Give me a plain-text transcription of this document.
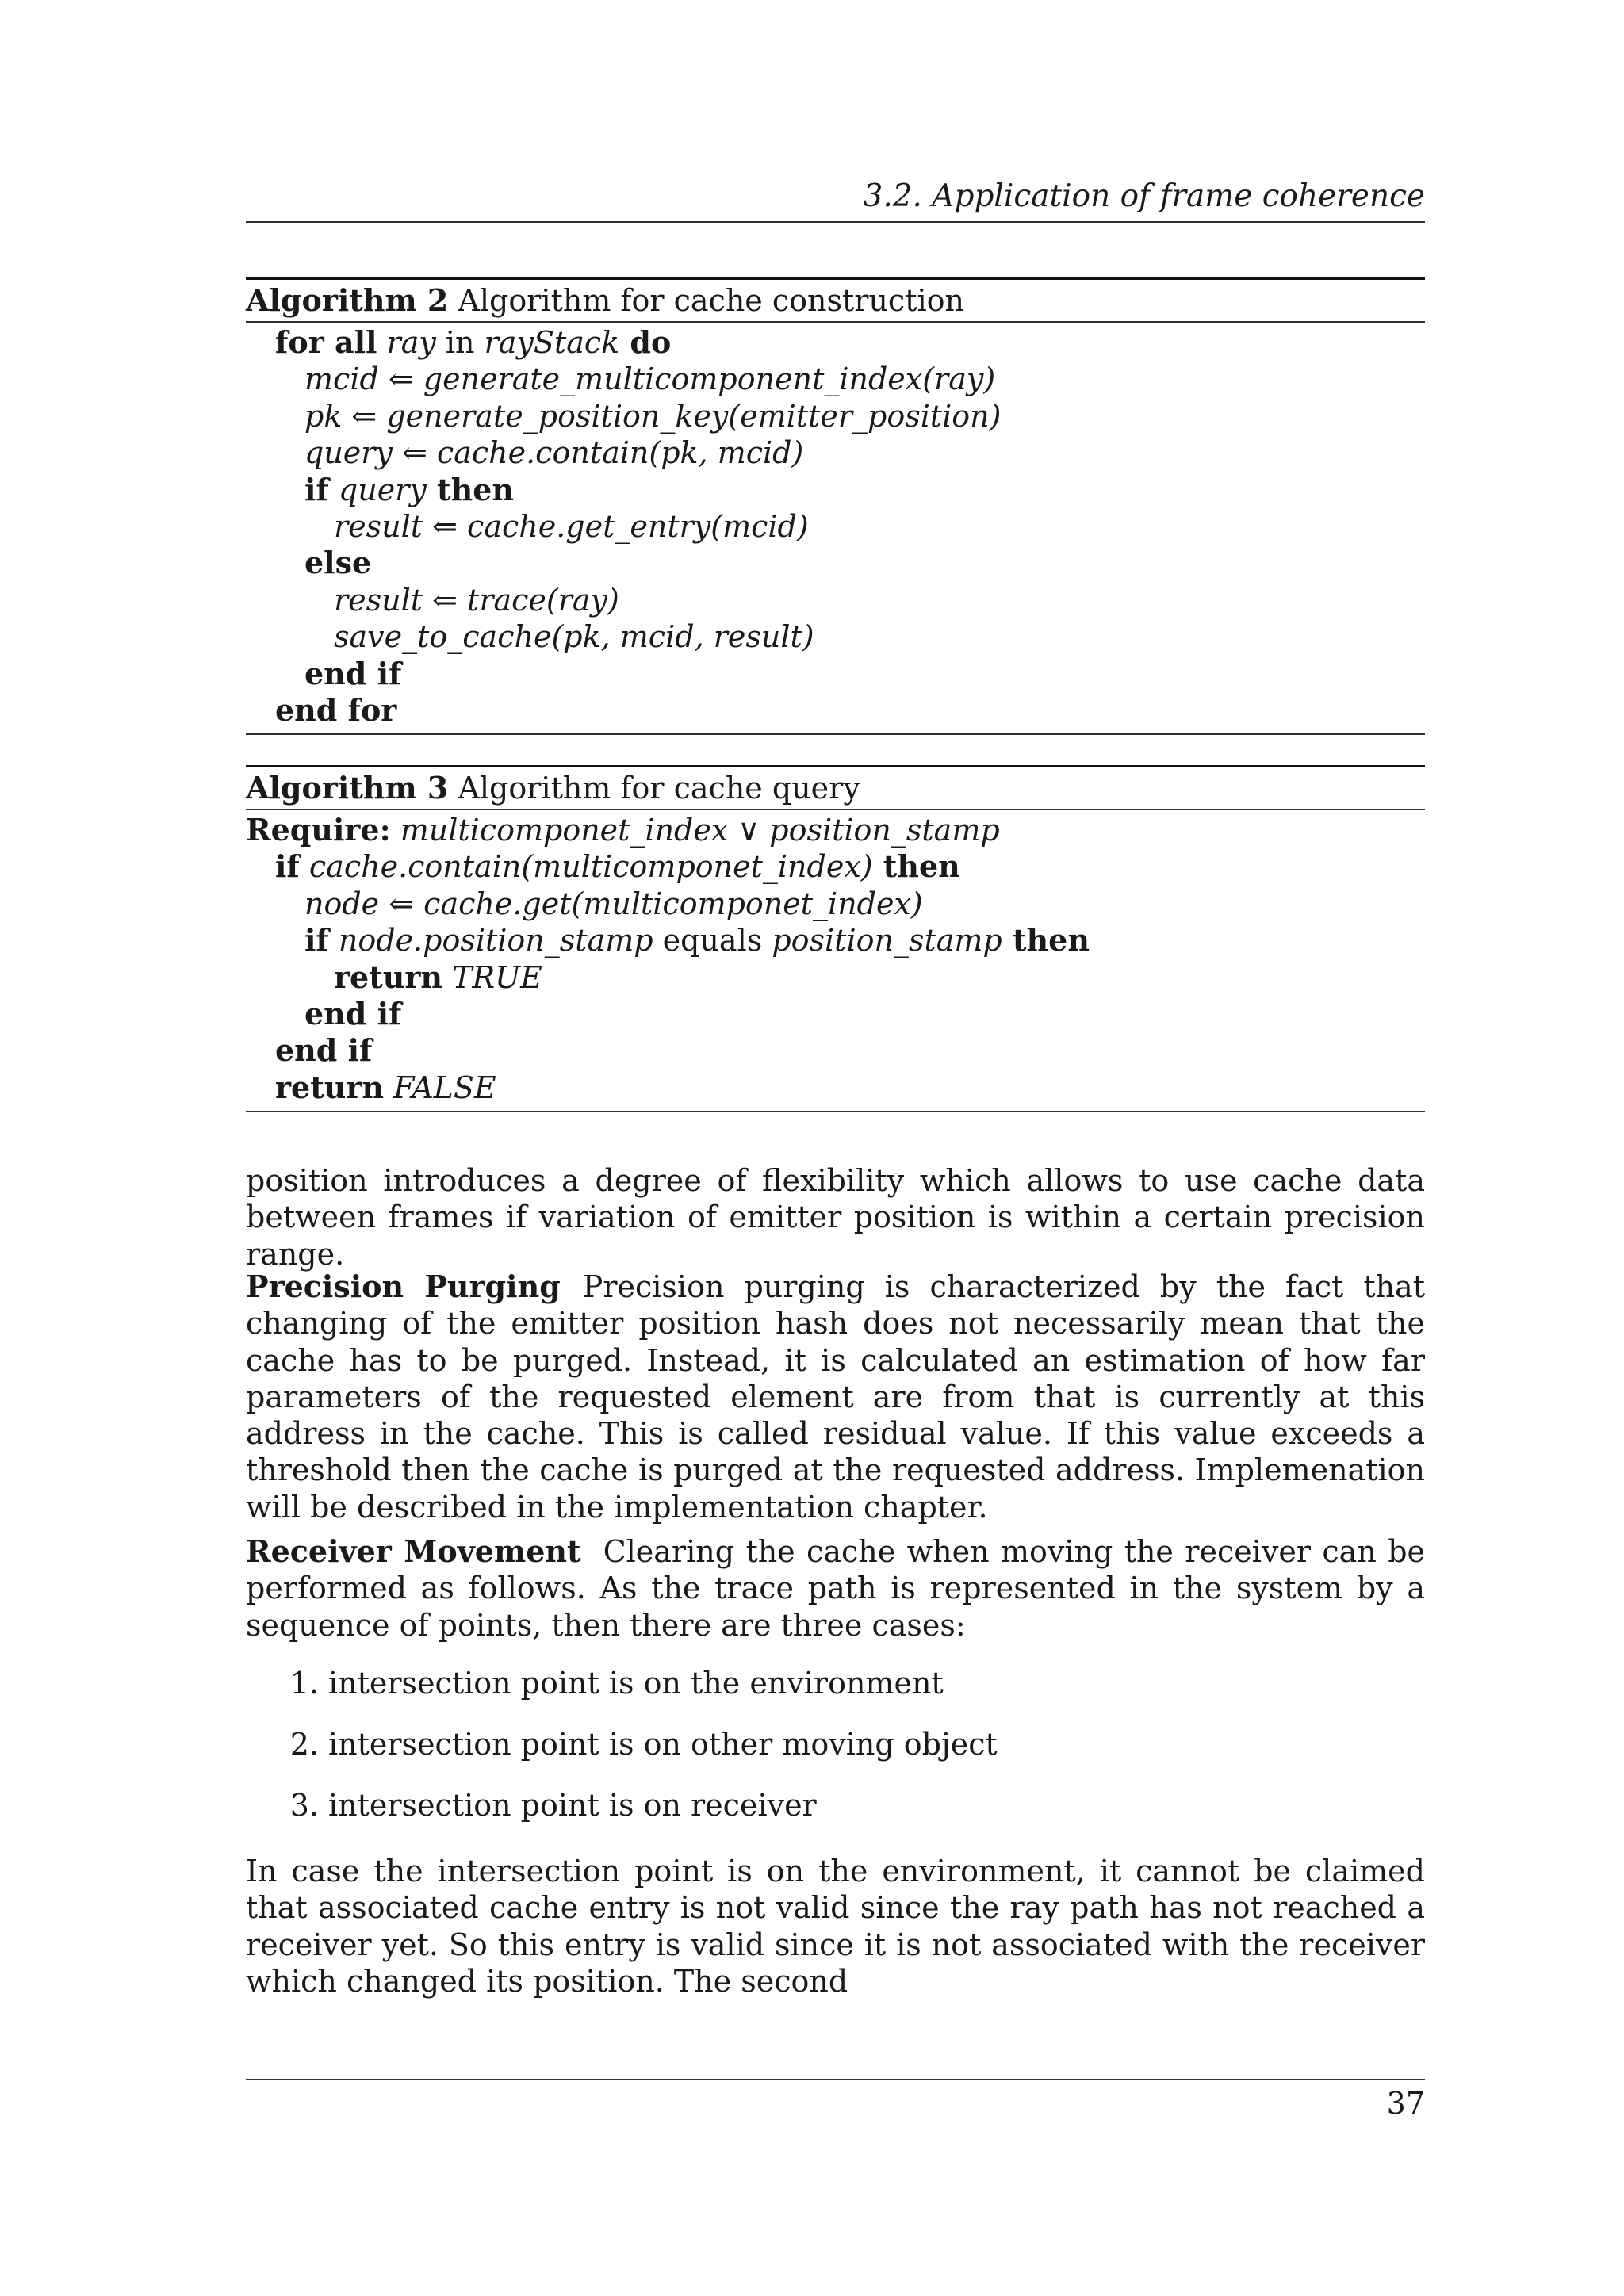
3.2. Application of frame coherence
Algorithm 2 Algorithm for cache construction
for all ray in rayStack do
mcid ⇐ generate_multicomponent_index(ray)
pk ⇐ generate_position_key(emitter_position)
query ⇐ cache.contain(pk, mcid)
if query then
result ⇐ cache.get_entry(mcid)
else
result ⇐ trace(ray)
save_to_cache(pk, mcid, result)
end if
end for
Algorithm 3 Algorithm for cache query
Require: multicomponet_index ∨ position_stamp
if cache.contain(multicomponet_index) then
node ⇐ cache.get(multicomponet_index)
if node.position_stamp equals position_stamp then
return TRUE
end if
end if
return FALSE
position introduces a degree of flexibility which allows to use cache data between frames if variation of emitter position is within a certain precision range.
Precision Purging Precision purging is characterized by the fact that changing of the emitter position hash does not necessarily mean that the cache has to be purged. Instead, it is calculated an estimation of how far parameters of the requested element are from that is currently at this address in the cache. This is called residual value. If this value exceeds a threshold then the cache is purged at the requested address. Implemenation will be described in the implementation chapter.
Receiver Movement Clearing the cache when moving the receiver can be performed as follows. As the trace path is represented in the system by a sequence of points, then there are three cases:
1. intersection point is on the environment
2. intersection point is on other moving object
3. intersection point is on receiver
In case the intersection point is on the environment, it cannot be claimed that associated cache entry is not valid since the ray path has not reached a receiver yet. So this entry is valid since it is not associated with the receiver which changed its position. The second
37
